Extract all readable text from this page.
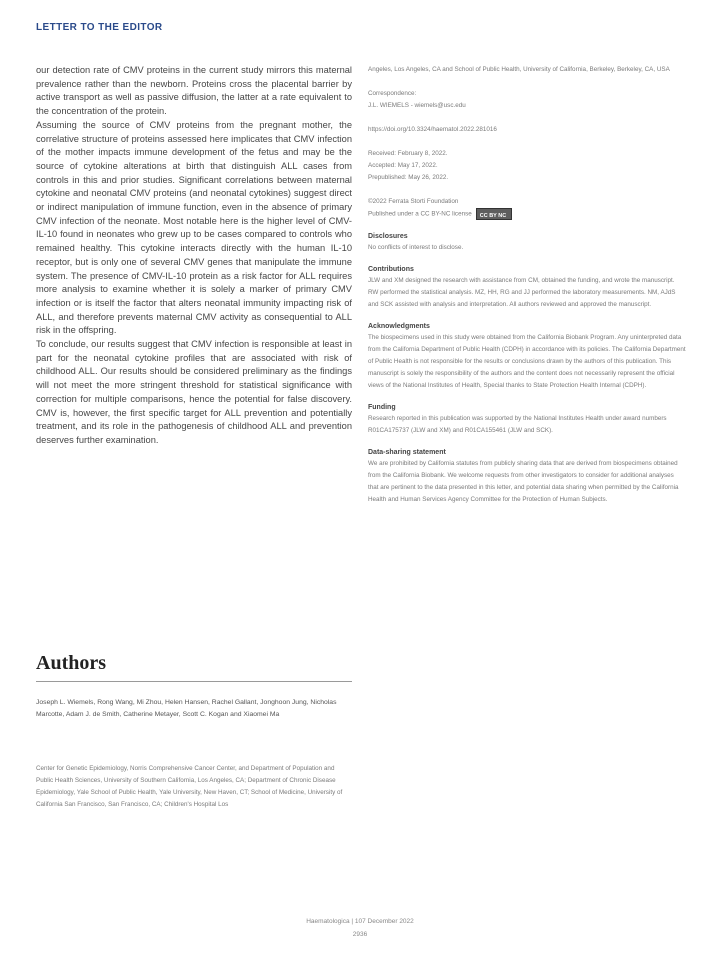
LETTER TO THE EDITOR

our detection rate of CMV proteins in the current study mirrors this maternal prevalence rather than the newborn. Proteins cross the placental barrier by active transport as well as passive diffusion, the latter at a rate equivalent to the concentration of the protein.

Assuming the source of CMV proteins from the pregnant mother, the correlative structure of proteins assessed here implicates that CMV infection of the mother impacts immune development of the fetus and may be the source of cytokine alterations at birth that distinguish ALL cases from controls in this and prior studies. Significant correlations between maternal cytokine and neonatal CMV proteins (and neonatal cytokines) suggest direct or indirect manipulation of immune function, even in the absence of primary CMV infection of the neonate. Most notable here is the higher level of CMV-IL-10 found in neonates who grew up to be cases compared to controls who remained healthy. This cytokine interacts directly with the human IL-10 receptor, but is only one of several CMV genes that manipulate the immune system. The presence of CMV-IL-10 protein as a risk factor for ALL requires more analysis to examine whether it is solely a marker of primary CMV infection or is itself the factor that alters neonatal immunity impacting risk of ALL, and therefore prevents maternal CMV activity as consequential to ALL risk in the offspring.

To conclude, our results suggest that CMV infection is responsible at least in part for the neonatal cytokine profiles that are associated with risk of childhood ALL. Our results should be considered preliminary as the findings will not meet the more stringent threshold for statistical significance with correction for multiple comparisons, hence the potential for false discovery. CMV is, however, the first specific target for ALL prevention and potentially treatment, and its role in the pathogenesis of childhood ALL and prevention deserves further examination.

Authors

Joseph L. Wiemels, Rong Wang, Mi Zhou, Helen Hansen, Rachel Gallant, Jonghoon Jung, Nicholas Marcotte, Adam J. de Smith, Catherine Metayer, Scott C. Kogan and Xiaomei Ma

Center for Genetic Epidemiology, Norris Comprehensive Cancer Center, and Department of Population and Public Health Sciences, University of Southern California, Los Angeles, CA; Department of Chronic Disease Epidemiology, Yale School of Public Health, Yale University, New Haven, CT; School of Medicine, University of California San Francisco, San Francisco, CA; Children's Hospital Los

Angeles, Los Angeles, CA and School of Public Health, University of California, Berkeley, Berkeley, CA, USA

Correspondence:

J.L. WIEMELS - wiemels@usc.edu

https://doi.org/10.3324/haematol.2022.281016

Received: February 8, 2022.

Accepted: May 17, 2022.

Prepublished: May 26, 2022.

©2022 Ferrata Storti Foundation

Published under a CC BY-NC license CC BY NC

Disclosures

No conflicts of interest to disclose.

Contributions

JLW and XM designed the research with assistance from CM, obtained the funding, and wrote the manuscript. RW performed the statistical analysis. MZ, HH, RG and JJ performed the laboratory measurements. NM, AJdS and SCK assisted with analysis and interpretation. All authors reviewed and approved the manuscript.

Acknowledgments

The biospecimens used in this study were obtained from the California Biobank Program. Any uninterpreted data from the California Department of Public Health (CDPH) in accordance with its policies. The California Department of Public Health is not responsible for the results or conclusions drawn by the authors of this publication. This manuscript is solely the responsibility of the authors and the content does not necessarily represent the official views of the National Institutes of Health, Special thanks to State Protection Health Internal (CDPH).

Funding

Research reported in this publication was supported by the National Institutes Health under award numbers R01CA175737 (JLW and XM) and R01CA155461 (JLW and SCK).

Data-sharing statement

We are prohibited by California statutes from publicly sharing data that are derived from biospecimens obtained from the California Biobank. We welcome requests from other investigators to consider for additional analyses that are pertinent to the data presented in this letter, and potential data sharing when permitted by the California Health and Human Services Agency Committee for the Protection of Human Subjects.

Haematologica | 107 December 2022
2936
